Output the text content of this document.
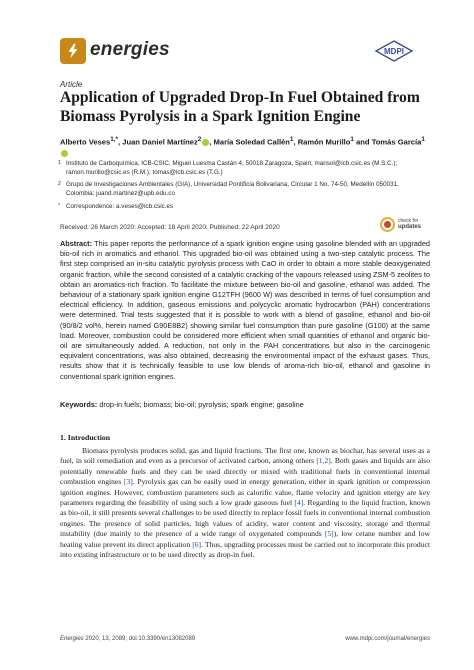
energies	MDPI
Article
Application of Upgraded Drop-In Fuel Obtained from Biomass Pyrolysis in a Spark Ignition Engine
Alberto Veses$^{1,*}$, Juan Daniel Martínez$^2$ , María Soledad Callén$^1$, Ramón Murillo$^1$ and Tomás García$^1$
1 Instituto de Carboquímica, ICB-CSIC, Miguel Luesma Castán 4, 50018 Zaragoza, Spain; marisol@icb.csic.es (M.S.C.); ramon.murillo@csic.es (R.M.); tomas@icb.csic.es (T.G.)
2 Grupo de Investigaciones Ambientales (GIA), Universidad Pontificia Bolivariana, Circular 1 No. 74-50, Medellín 050031, Colombia; juand.martinez@upb.edu.co
* Correspondence: a.veses@icb.csic.es
Received: 26 March 2020; Accepted: 18 April 2020; Published: 22 April 2020
check for
updates
Abstract: This paper reports the performance of a spark ignition engine using gasoline blended with an upgraded bio-oil rich in aromatics and ethanol. This upgraded bio-oil was obtained using a two-step catalytic process. The first step comprised an in-situ catalytic pyrolysis process with CaO in order to obtain a more stable deoxygenated organic fraction, while the second consisted of a catalytic cracking of the vapours released using ZSM-5 zeolites to obtain an aromatics-rich fraction. To facilitate the mixture between bio-oil and gasoline, ethanol was added. The behaviour of a stationary spark ignition engine G12TFH (9600 W) was described in terms of fuel consumption and electrical efficiency. In addition, gaseous emissions and polycyclic aromatic hydrocarbon (PAH) concentrations were determined. Trial tests suggested that it is possible to work with a blend of gasoline, ethanol and bio-oil (90/8/2 vol%, herein named G90E8B2) showing similar fuel consumption than pure gasoline (G100) at the same load. Moreover, combustion could be considered more efficient when small quantities of ethanol and organic bio-oil are simultaneously added. A reduction, not only in the PAH concentrations but also in the carcinogenic equivalent concentrations, was also obtained, decreasing the environmental impact of the exhaust gases. Thus, results show that it is technically feasible to use low blends of aroma-rich bio-oil, ethanol and gasoline in conventional spark ignition engines.
Keywords: drop-in fuels; biomass; bio-oil; pyrolysis; spark engine; gasoline
1. Introduction
Biomass pyrolysis produces solid, gas and liquid fractions. The first one, known as biochar, has several uses as a fuel, in soil remediation and even as a precursor of activated carbon, among others [1,2]. Both gases and liquids are also potentially renewable fuels and they can be used directly or mixed with traditional fuels in conventional internal combustion engines [3]. Pyrolysis gas can be easily used in energy generation, either in spark ignition or compression ignition engines. However, combustion parameters such as calorific value, flame velocity and ignition energy are key parameters regarding the feasibility of using such a low grade gaseous fuel [4]. Regarding to the liquid fraction, known as bio-oil, it still presents several challenges to be used directly to replace fossil fuels in conventional internal combustion engines. The presence of solid particles, high values of acidity, water content and viscosity, storage and thermal instability (due mainly to the presence of a wide range of oxygenated compounds [5]), low cetane number and low heating value prevent its direct application [6]. Thus, upgrading processes must be carried out to incorporate this product into existing infrastructure or to be used directly as drop-in fuel.
Energies 2020, 13, 2089; doi:10.3390/en13082089	www.mdpi.com/journal/energies
